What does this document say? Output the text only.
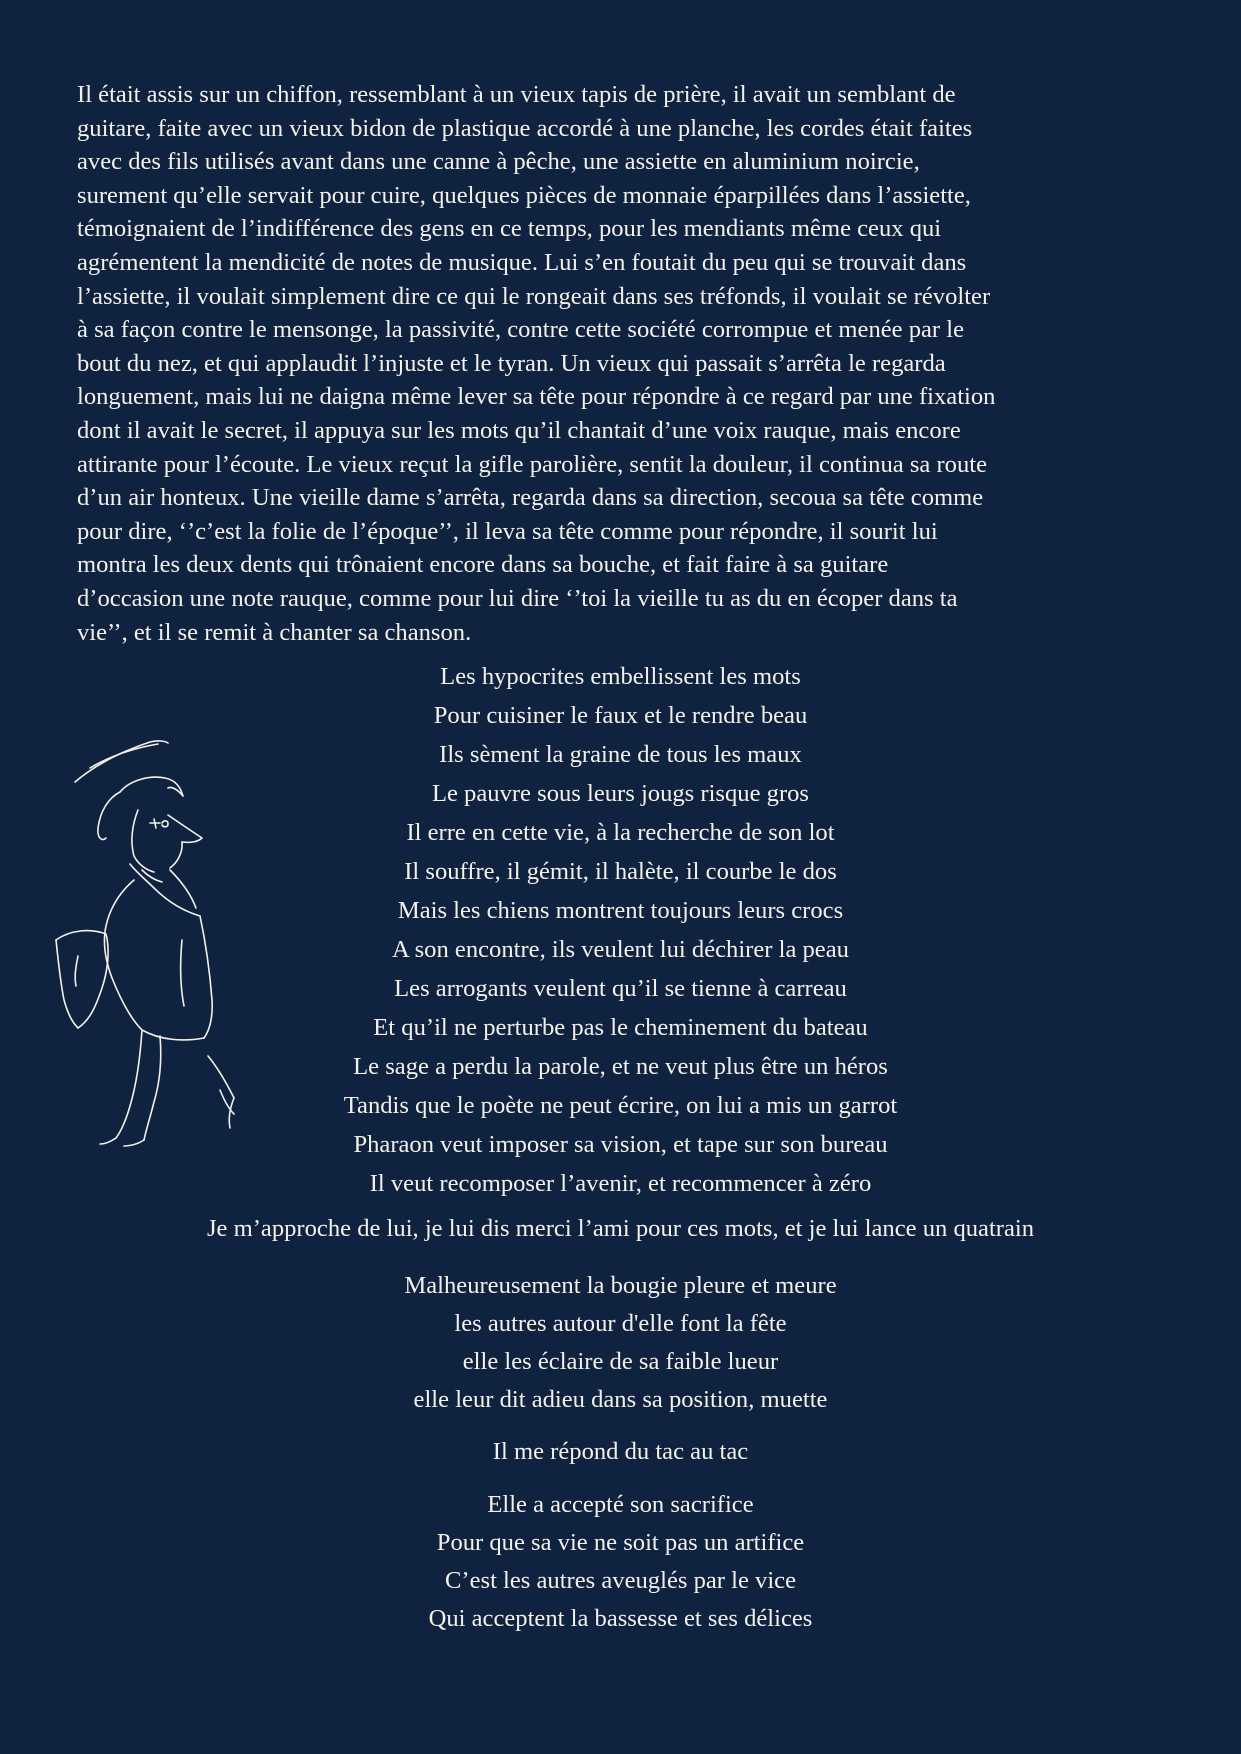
Il était assis sur un chiffon, ressemblant à un vieux tapis de prière, il avait un semblant de
guitare, faite avec un vieux bidon de plastique accordé à une planche, les cordes était faites
avec des fils utilisés avant dans une canne à pêche, une assiette en aluminium noircie,
surement qu’elle servait pour cuire, quelques pièces de monnaie éparpillées dans l’assiette,
témoignaient de l’indifférence des gens en ce temps, pour les mendiants même ceux qui
agrémentent la mendicité de notes de musique. Lui s’en foutait du peu qui se trouvait dans
l’assiette, il voulait simplement dire ce qui le rongeait dans ses tréfonds, il voulait se révolter
à sa façon contre le mensonge, la passivité, contre cette société corrompue et menée par le
bout du nez, et qui applaudit l’injuste et le tyran. Un vieux qui passait s’arrêta le regarda
longuement, mais lui ne daigna même lever sa tête pour répondre à ce regard par une fixation
dont il avait le secret, il appuya sur les mots qu’il chantait d’une voix rauque, mais encore
attirante pour l’écoute. Le vieux reçut la gifle parolière, sentit la douleur, il continua sa route
d’un air honteux. Une vieille dame s’arrêta, regarda dans sa direction, secoua sa tête comme
pour dire, ‘’c’est la folie de l’époque’’, il leva sa tête comme pour répondre, il sourit lui
montra les deux dents qui trônaient encore dans sa bouche, et fait faire à sa guitare
d’occasion une note rauque, comme pour lui dire ‘’toi la vieille tu as du en écoper dans ta
vie’’, et il se remit à chanter sa chanson.

Les hypocrites embellissent les mots
Pour cuisiner le faux et le rendre beau
Ils sèment la graine de tous les maux
Le pauvre sous leurs jougs risque gros
Il erre en cette vie, à la recherche de son lot
Il souffre, il gémit, il halète, il courbe le dos
Mais les chiens montrent toujours leurs crocs
A son encontre, ils veulent lui déchirer la peau
Les arrogants veulent qu’il se tienne à carreau
Et qu’il ne perturbe pas le cheminement du bateau
Le sage a perdu la parole, et ne veut plus être un héros
Tandis que le poète ne peut écrire, on lui a mis un garrot
Pharaon veut imposer sa vision, et tape sur son bureau
Il veut recomposer l’avenir, et recommencer à zéro

Je m’approche de lui, je lui dis merci l’ami pour ces mots, et je lui lance un quatrain

Malheureusement la bougie pleure et meure
les autres autour d'elle font la fête
elle les éclaire de sa faible lueur
elle leur dit adieu dans sa position, muette

Il me répond du tac au tac

Elle a accepté son sacrifice
Pour que sa vie ne soit pas un artifice
C’est les autres aveuglés par le vice
Qui acceptent la bassesse et ses délices
